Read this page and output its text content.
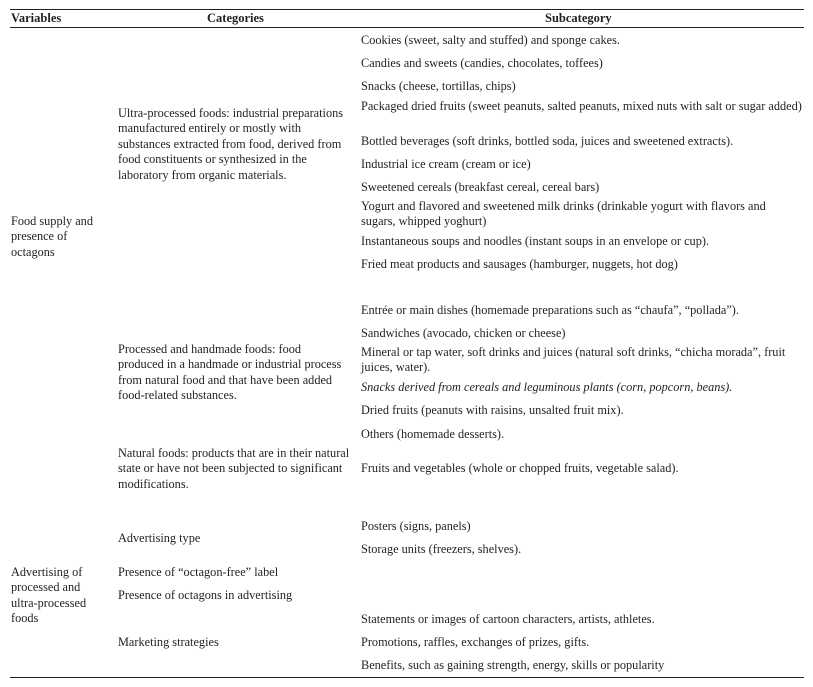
Variables	Categories	Subcategory
Food supply and presence of octagons
Ultra-processed foods: industrial preparations manufactured entirely or mostly with substances extracted from food, derived from food constituents or synthesized in the laboratory from organic materials.
Cookies (sweet, salty and stuffed) and sponge cakes.
Candies and sweets (candies, chocolates, toffees)
Snacks (cheese, tortillas, chips)
Packaged dried fruits (sweet peanuts, salted peanuts, mixed nuts with salt or sugar added)
Bottled beverages (soft drinks, bottled soda, juices and sweetened extracts).
Industrial ice cream (cream or ice)
Sweetened cereals (breakfast cereal, cereal bars)
Yogurt and flavored and sweetened milk drinks (drinkable yogurt with flavors and sugars, whipped yoghurt)
Instantaneous soups and noodles (instant soups in an envelope or cup).
Fried meat products and sausages (hamburger, nuggets, hot dog)
Processed and handmade foods: food produced in a handmade or industrial process from natural food and that have been added food-related substances.
Entrée or main dishes (homemade preparations such as “chaufa”, “pollada”).
Sandwiches (avocado, chicken or cheese)
Mineral or tap water, soft drinks and juices (natural soft drinks, “chicha morada”, fruit juices, water).
Snacks derived from cereals and leguminous plants (corn, popcorn, beans).
Dried fruits (peanuts with raisins, unsalted fruit mix).
Others (homemade desserts).
Natural foods: products that are in their natural state or have not been subjected to significant modifications.
Fruits and vegetables (whole or chopped fruits, vegetable salad).
Advertising of processed and ultra-processed foods
Advertising type
Posters (signs, panels)
Storage units (freezers, shelves).
Presence of “octagon-free” label
Presence of octagons in advertising
Marketing strategies
Statements or images of cartoon characters, artists, athletes.
Promotions, raffles, exchanges of prizes, gifts.
Benefits, such as gaining strength, energy, skills or popularity
